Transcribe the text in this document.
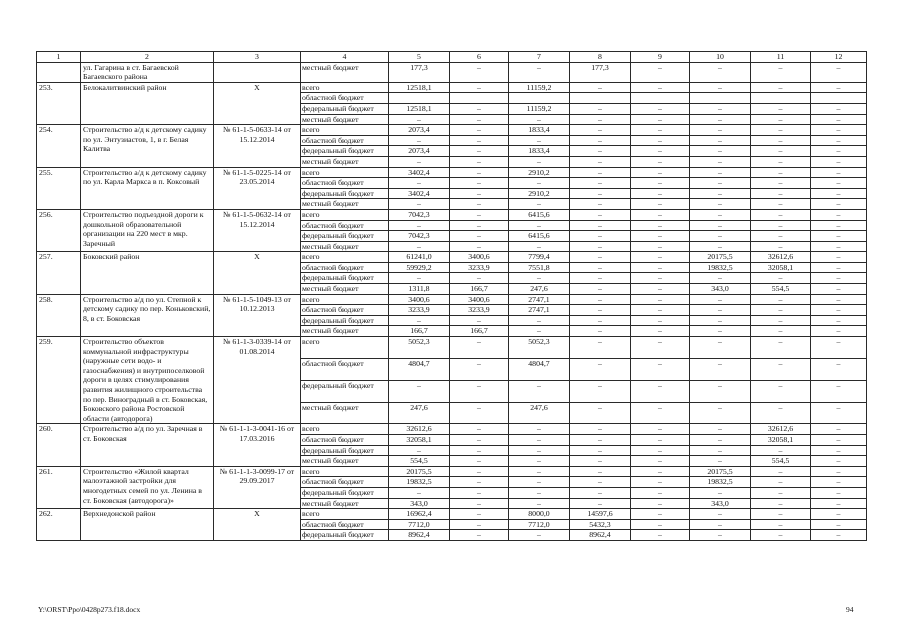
1	2	3	4	5	6	7	8	9	10	11	12
	ул. Гагарина в ст. Багаевской Багаевского района		местный бюджет	177,3	–	–	177,3	–	–	–	–
253.	Белокалитвинский район	X	всего	12518,1	–	11159,2	–	–	–	–	–
			областной бюджет								
			федеральный бюджет	12518,1	–	11159,2	–	–	–	–	–
			местный бюджет	–	–	–	–	–	–	–	–
254.	Строительство а/д к детскому садику по ул. Энтузиастов, 1, в г. Белая Калитва	№ 61-1-5-0633-14 от 15.12.2014	всего	2073,4	–	1833,4	–	–	–	–	–
			областной бюджет	–	–	–	–	–	–	–	–
			федеральный бюджет	2073,4	–	1833,4	–	–	–	–	–
			местный бюджет	–	–	–	–	–	–	–	–
255.	Строительство а/д к детскому садику по ул. Карла Маркса в п. Коксовый	№ 61-1-5-0225-14 от 23.05.2014	всего	3402,4	–	2910,2	–	–	–	–	–
			областной бюджет	–	–	–	–	–	–	–	–
			федеральный бюджет	3402,4	–	2910,2	–	–	–	–	–
			местный бюджет	–	–	–	–	–	–	–	–
256.	Строительство подъездной дороги к дошкольной образовательной организации на 220 мест в мкр. Заречный	№ 61-1-5-0632-14 от 15.12.2014	всего	7042,3	–	6415,6	–	–	–	–	–
			областной бюджет	–	–	–	–	–	–	–	–
			федеральный бюджет	7042,3	–	6415,6	–	–	–	–	–
			местный бюджет	–	–	–	–	–	–	–	–
257.	Боковский район	X	всего	61241,0	3400,6	7799,4	–	–	20175,5	32612,6	–
			областной бюджет	59929,2	3233,9	7551,8	–	–	19832,5	32058,1	–
			федеральный бюджет	–	–	–	–	–	–	–	–
			местный бюджет	1311,8	166,7	247,6	–	–	343,0	554,5	–
258.	Строительство а/д по ул. Степной к детскому садику по пер. Коньковский, 8, в ст. Боковская	№ 61-1-5-1049-13 от 10.12.2013	всего	3400,6	3400,6	2747,1	–	–	–	–	–
			областной бюджет	3233,9	3233,9	2747,1	–	–	–	–	–
			федеральный бюджет	–	–	–	–	–	–	–	–
			местный бюджет	166,7	166,7	–	–	–	–	–	–
259.	Строительство объектов коммунальной инфраструктуры (наружные сети водо- и газоснабжения) и внутрипоселковой дороги в целях стимулирования развития жилищного строительства по пер. Виноградный в ст. Боковская, Боковского района Ростовской области (автодорога)	№ 61-1-3-0339-14 от 01.08.2014	всего	5052,3	–	5052,3	–	–	–	–	–
			областной бюджет	4804,7	–	4804,7	–	–	–	–	–
			федеральный бюджет	–	–	–	–	–	–	–	–
			местный бюджет	247,6	–	247,6	–	–	–	–	–
260.	Строительство а/д по ул. Заречная в ст. Боковская	№ 61-1-1-3-0041-16 от 17.03.2016	всего	32612,6	–	–	–	–	–	32612,6	–
			областной бюджет	32058,1	–	–	–	–	–	32058,1	–
			федеральный бюджет	–	–	–	–	–	–	–	–
			местный бюджет	554,5	–	–	–	–	–	554,5	–
261.	Строительство «Жилой квартал малоэтажной застройки для многодетных семей по ул. Ленина в ст. Боковская (автодорога)»	№ 61-1-1-3-0099-17 от 29.09.2017	всего	20175,5	–	–	–	–	20175,5	–	–
			областной бюджет	19832,5	–	–	–	–	19832,5	–	–
			федеральный бюджет	–	–	–	–	–	–	–	–
			местный бюджет	343,0	–	–	–	–	343,0	–	–
262.	Верхнедонской район	X	всего	16962,4	–	8000,0	14597,6	–	–	–	–
			областной бюджет	7712,0	–	7712,0	5432,3	–	–	–	–
			федеральный бюджет	8962,4	–	–	8962,4	–	–	–	–
Y:\ORST\Ppo\0428p273.f18.docx	94
